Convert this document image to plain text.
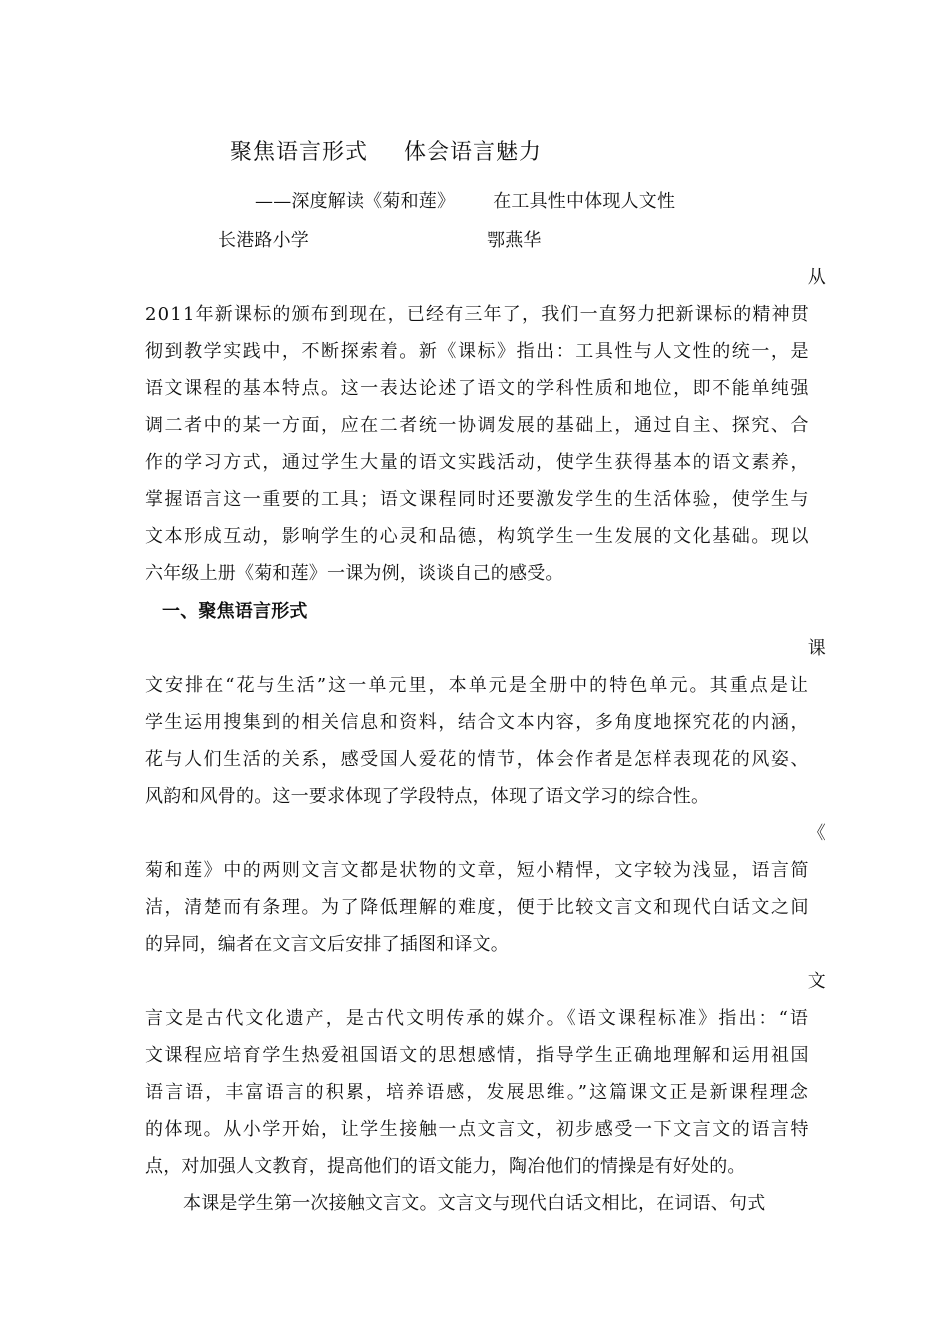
聚焦语言形式 体会语言魅力
——深度解读《菊和莲》 在工具性中体现人文性
长港路小学	鄂燕华
从
2011年新课标的颁布到现在，已经有三年了，我们一直努力把新课标的精神贯
彻到教学实践中，不断探索着。新《课标》指出：工具性与人文性的统一，是
语文课程的基本特点。这一表达论述了语文的学科性质和地位，即不能单纯强
调二者中的某一方面，应在二者统一协调发展的基础上，通过自主、探究、合
作的学习方式，通过学生大量的语文实践活动，使学生获得基本的语文素养，
掌握语言这一重要的工具；语文课程同时还要激发学生的生活体验，使学生与
文本形成互动，影响学生的心灵和品德，构筑学生一生发展的文化基础。现以
六年级上册《菊和莲》一课为例，谈谈自己的感受。
一、聚焦语言形式
课
文安排在“花与生活”这一单元里，本单元是全册中的特色单元。其重点是让
学生运用搜集到的相关信息和资料，结合文本内容，多角度地探究花的内涵，
花与人们生活的关系，感受国人爱花的情节，体会作者是怎样表现花的风姿、
风韵和风骨的。这一要求体现了学段特点，体现了语文学习的综合性。
《
菊和莲》中的两则文言文都是状物的文章，短小精悍，文字较为浅显，语言简
洁，清楚而有条理。为了降低理解的难度，便于比较文言文和现代白话文之间
的异同，编者在文言文后安排了插图和译文。
文
言文是古代文化遗产，是古代文明传承的媒介。《语文课程标准》指出：“语
文课程应培育学生热爱祖国语文的思想感情，指导学生正确地理解和运用祖国
语言语，丰富语言的积累，培养语感，发展思维。”这篇课文正是新课程理念
的体现。从小学开始，让学生接触一点文言文，初步感受一下文言文的语言特
点，对加强人文教育，提高他们的语文能力，陶冶他们的情操是有好处的。
本课是学生第一次接触文言文。文言文与现代白话文相比，在词语、句式
